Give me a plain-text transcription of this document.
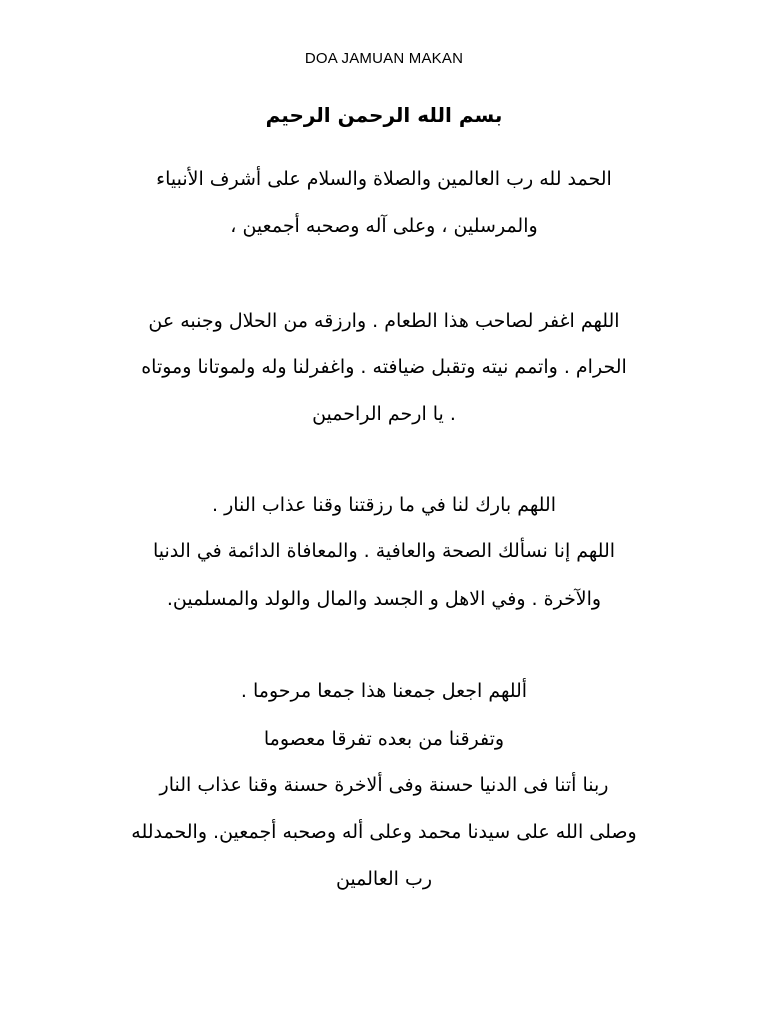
DOA JAMUAN MAKAN
بسم الله الرحمن الرحيم
الحمد لله رب العالمين والصلاة والسلام على أشرف الأنبياء
والمرسلين ، وعلى آله وصحبه أجمعين ،
اللهم اغفر لصاحب هذا الطعام . وارزقه من الحلال وجنبه عن
الحرام . واتمم نيته وتقبل ضيافته . واغفرلنا وله ولموتانا وموتاه
. يا ارحم الراحمين
اللهم بارك لنا في ما رزقتنا وقنا عذاب النار .
اللهم إنا نسألك الصحة والعافية . والمعافاة الدائمة في الدنيا
والآخرة . وفي الاهل و الجسد والمال والولد والمسلمين.
أللهم اجعل جمعنا هذا جمعا مرحوما .
وتفرقنا من بعده تفرقا معصوما
ربنا أتنا فى الدنيا حسنة وفى ألاخرة حسنة وقنا عذاب النار
وصلى الله على سيدنا محمد وعلى أله وصحبه أجمعين. والحمدلله
رب العالمين
